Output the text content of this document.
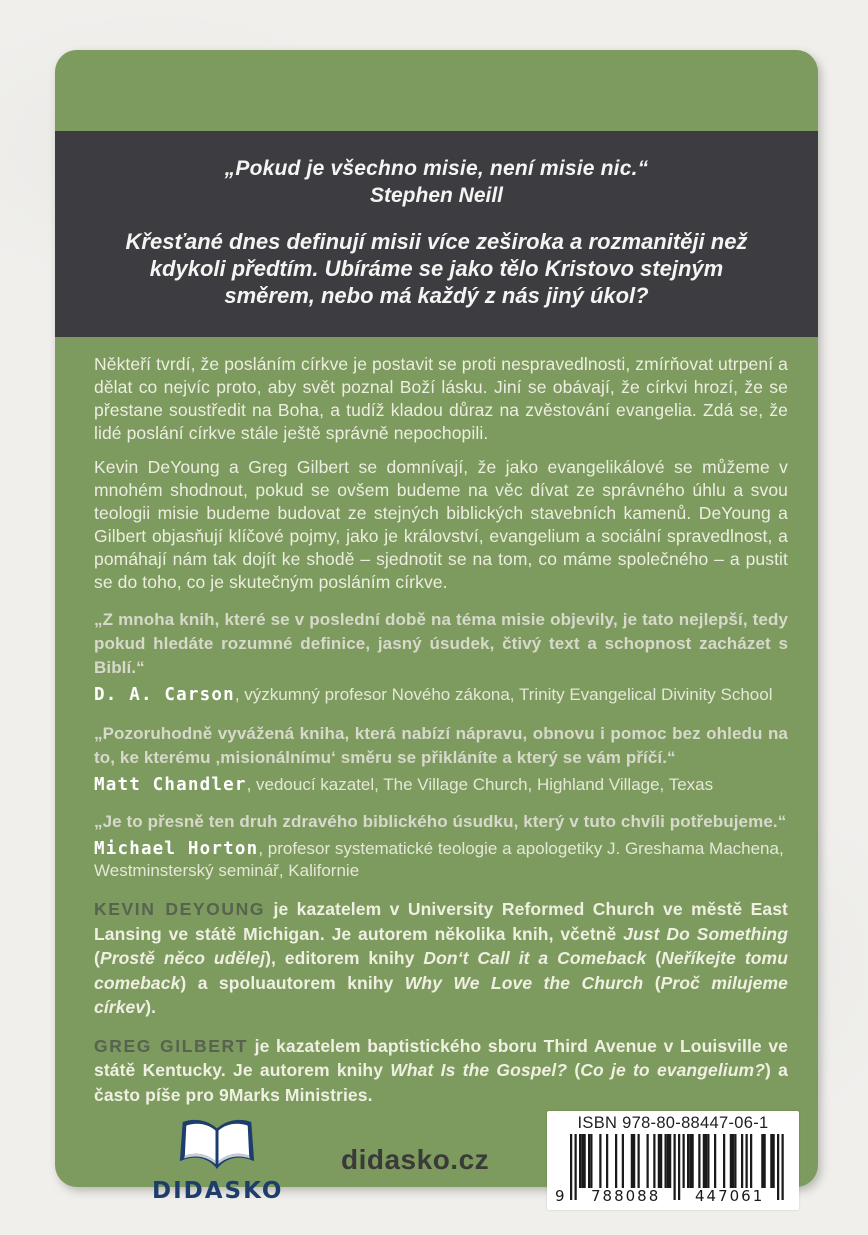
„Pokud je všechno misie, není misie nic.“
Stephen Neill
Křesťané dnes definují misii více zeširoka a rozmanitěji než
kdykoli předtím. Ubíráme se jako tělo Kristovo stejným
směrem, nebo má každý z nás jiný úkol?

Někteří tvrdí, že posláním církve je postavit se proti nespravedlnosti, zmírňovat utrpení a dělat co nejvíc proto, aby svět poznal Boží lásku. Jiní se obávají, že církvi hrozí, že se přestane soustředit na Boha, a tudíž kladou důraz na zvěstování evangelia. Zdá se, že lidé poslání církve stále ještě správně nepochopili.

Kevin DeYoung a Greg Gilbert se domnívají, že jako evangelikálové se můžeme v mnohém shodnout, pokud se ovšem budeme na věc dívat ze správného úhlu a svou teologii misie budeme budovat ze stejných biblických stavebních kamenů. DeYoung a Gilbert objasňují klíčové pojmy, jako je království, evangelium a sociální spravedlnost, a pomáhají nám tak dojít ke shodě – sjednotit se na tom, co máme společného – a pustit se do toho, co je skutečným posláním církve.

„Z mnoha knih, které se v poslední době na téma misie objevily, je tato nejlepší, tedy pokud hledáte rozumné definice, jasný úsudek, čtivý text a schopnost zacházet s Biblí.“
D. A. Carson, výzkumný profesor Nového zákona, Trinity Evangelical Divinity School
„Pozoruhodně vyvážená kniha, která nabízí nápravu, obnovu i pomoc bez ohledu na to, ke kterému ‚misionálnímu‘ směru se přikláníte a který se vám příčí.“
Matt Chandler, vedoucí kazatel, The Village Church, Highland Village, Texas
„Je to přesně ten druh zdravého biblického úsudku, který v tuto chvíli potřebujeme.“
Michael Horton, profesor systematické teologie a apologetiky J. Greshama Machena, Westminsterský seminář, Kalifornie

KEVIN DEYOUNG je kazatelem v University Reformed Church ve městě East Lansing ve státě Michigan. Je autorem několika knih, včetně Just Do Something (Prostě něco udělej), editorem knihy Don‘t Call it a Comeback (Neříkejte tomu comeback) a spoluautorem knihy Why We Love the Church (Proč milujeme církev).

GREG GILBERT je kazatelem baptistického sboru Third Avenue v Louisville ve státě Kentucky. Je autorem knihy What Is the Gospel? (Co je to evangelium?) a často píše pro 9Marks Ministries.

DIDASKO
didasko.cz
ISBN 978-80-88447-06-1
9 788088 447061
